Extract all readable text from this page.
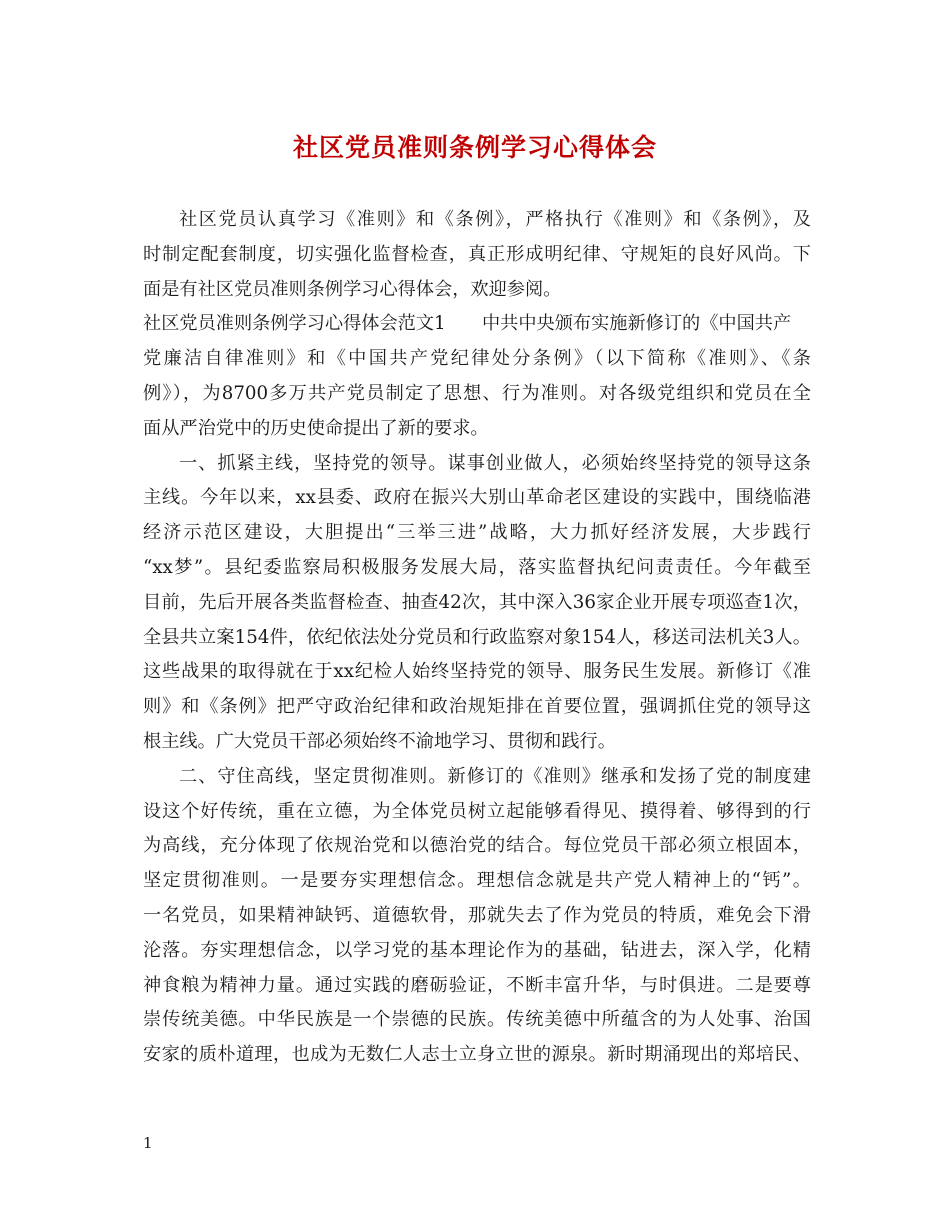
社区党员准则条例学习心得体会

社区党员认真学习《准则》和《条例》，严格执行《准则》和《条例》，及

时制定配套制度，切实强化监督检查，真正形成明纪律、守规矩的良好风尚。下

面是有社区党员准则条例学习心得体会，欢迎参阅。

社区党员准则条例学习心得体会范文1　　中共中央颁布实施新修订的《中国共产

党廉洁自律准则》和《中国共产党纪律处分条例》（以下简称《准则》、《条

例》），为8700多万共产党员制定了思想、行为准则。对各级党组织和党员在全

面从严治党中的历史使命提出了新的要求。

一、抓紧主线，坚持党的领导。谋事创业做人，必须始终坚持党的领导这条

主线。今年以来，xx县委、政府在振兴大别山革命老区建设的实践中，围绕临港

经济示范区建设，大胆提出“三举三进”战略，大力抓好经济发展，大步践行

“xx梦”。县纪委监察局积极服务发展大局，落实监督执纪问责责任。今年截至

目前，先后开展各类监督检查、抽查42次，其中深入36家企业开展专项巡查1次，

全县共立案154件，依纪依法处分党员和行政监察对象154人，移送司法机关3人。

这些战果的取得就在于xx纪检人始终坚持党的领导、服务民生发展。新修订《准

则》和《条例》把严守政治纪律和政治规矩排在首要位置，强调抓住党的领导这

根主线。广大党员干部必须始终不渝地学习、贯彻和践行。

二、守住高线，坚定贯彻准则。新修订的《准则》继承和发扬了党的制度建

设这个好传统，重在立德，为全体党员树立起能够看得见、摸得着、够得到的行

为高线，充分体现了依规治党和以德治党的结合。每位党员干部必须立根固本，

坚定贯彻准则。一是要夯实理想信念。理想信念就是共产党人精神上的“钙”。

一名党员，如果精神缺钙、道德软骨，那就失去了作为党员的特质，难免会下滑

沦落。夯实理想信念，以学习党的基本理论作为的基础，钻进去，深入学，化精

神食粮为精神力量。通过实践的磨砺验证，不断丰富升华，与时俱进。二是要尊

崇传统美德。中华民族是一个崇德的民族。传统美德中所蕴含的为人处事、治国

安家的质朴道理，也成为无数仁人志士立身立世的源泉。新时期涌现出的郑培民、

1
